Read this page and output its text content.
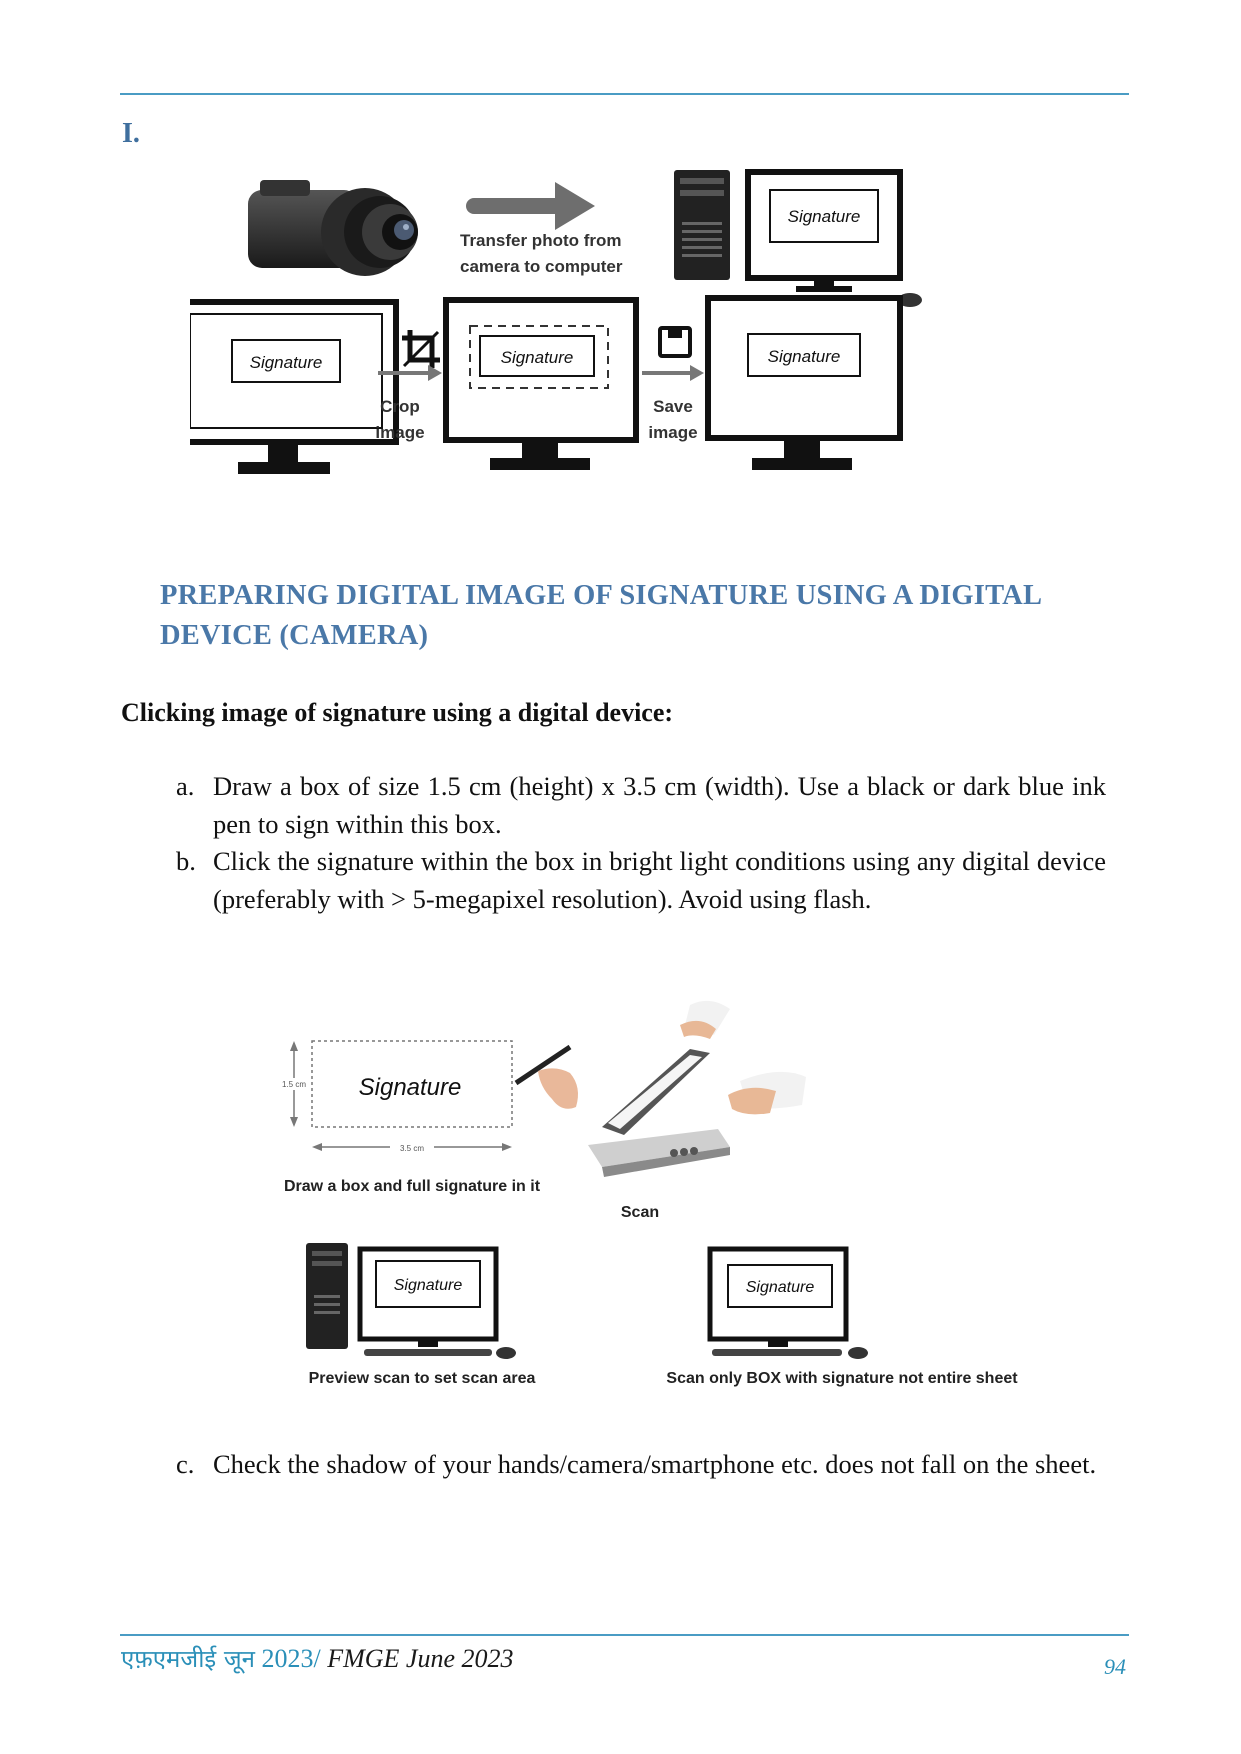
I.
Transfer photo from
camera to computer
Signature
Signature
Crop
image
Signature
Save
image
Signature
PREPARING DIGITAL IMAGE OF SIGNATURE USING A DIGITAL DEVICE (CAMERA)
Clicking image of signature using a digital device:
a. Draw a box of size 1.5 cm (height) x 3.5 cm (width). Use a black or dark blue ink pen to sign within this box.
b. Click the signature within the box in bright light conditions using any digital device (preferably with > 5-megapixel resolution). Avoid using flash.
Signature
1.5 cm
3.5 cm
Draw a box and full signature in it
Scan
Signature
Preview scan to set scan area
Signature
Scan only BOX with signature not entire sheet
c. Check the shadow of your hands/camera/smartphone etc. does not fall on the sheet.
एफ़एमजीई जून 2023/ FMGE June 2023	94
